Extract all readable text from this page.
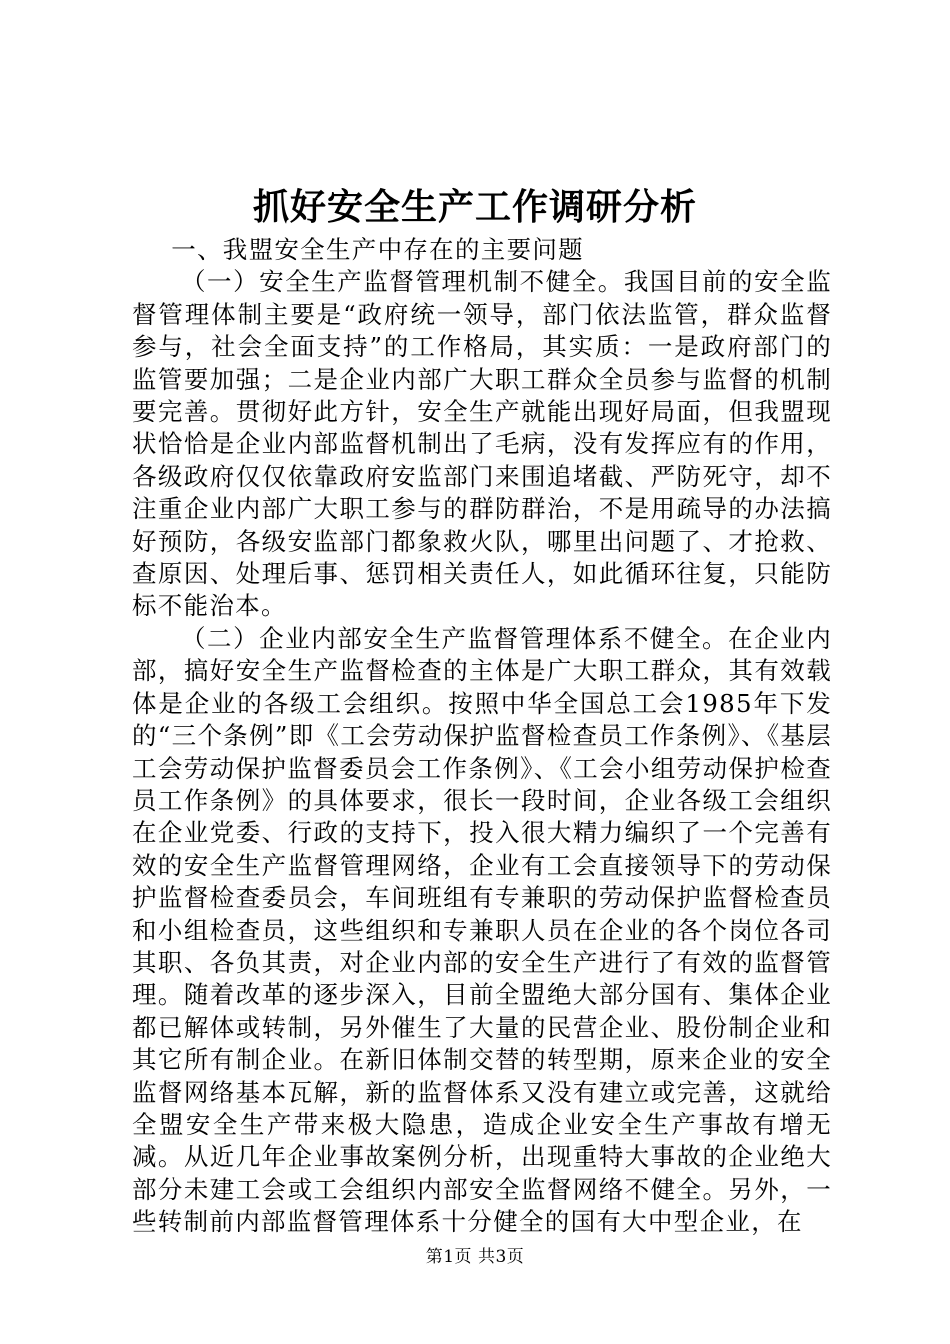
抓好安全生产工作调研分析

一、我盟安全生产中存在的主要问题

（一）安全生产监督管理机制不健全。我国目前的安全监督管理体制主要是“政府统一领导，部门依法监管，群众监督参与，社会全面支持”的工作格局，其实质：一是政府部门的监管要加强；二是企业内部广大职工群众全员参与监督的机制要完善。贯彻好此方针，安全生产就能出现好局面，但我盟现状恰恰是企业内部监督机制出了毛病，没有发挥应有的作用，各级政府仅仅依靠政府安监部门来围追堵截、严防死守，却不注重企业内部广大职工参与的群防群治，不是用疏导的办法搞好预防，各级安监部门都象救火队，哪里出问题了、才抢救、查原因、处理后事、惩罚相关责任人，如此循环往复，只能防标不能治本。

（二）企业内部安全生产监督管理体系不健全。在企业内部，搞好安全生产监督检查的主体是广大职工群众，其有效载体是企业的各级工会组织。按照中华全国总工会1985年下发的“三个条例”即《工会劳动保护监督检查员工作条例》、《基层工会劳动保护监督委员会工作条例》、《工会小组劳动保护检查员工作条例》的具体要求，很长一段时间，企业各级工会组织在企业党委、行政的支持下，投入很大精力编织了一个完善有效的安全生产监督管理网络，企业有工会直接领导下的劳动保护监督检查委员会，车间班组有专兼职的劳动保护监督检查员和小组检查员，这些组织和专兼职人员在企业的各个岗位各司其职、各负其责，对企业内部的安全生产进行了有效的监督管理。随着改革的逐步深入，目前全盟绝大部分国有、集体企业都已解体或转制，另外催生了大量的民营企业、股份制企业和其它所有制企业。在新旧体制交替的转型期，原来企业的安全监督网络基本瓦解，新的监督体系又没有建立或完善，这就给全盟安全生产带来极大隐患，造成企业安全生产事故有增无减。从近几年企业事故案例分析，出现重特大事故的企业绝大部分未建工会或工会组织内部安全监督网络不健全。另外，一些转制前内部监督管理体系十分健全的国有大中型企业，在

第1页 共3页
